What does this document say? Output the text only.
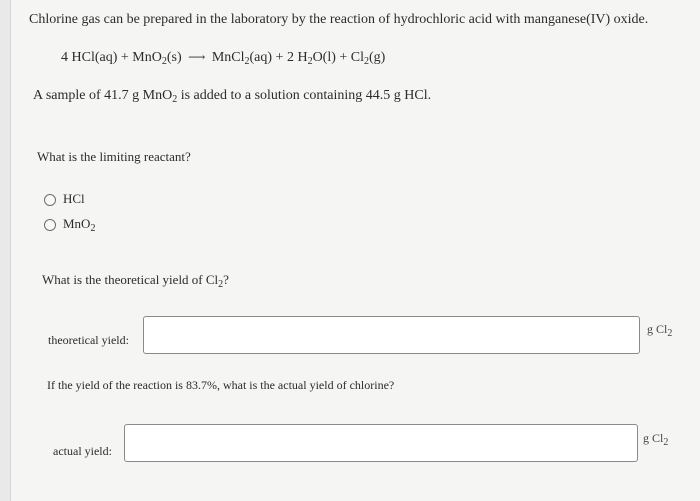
Chlorine gas can be prepared in the laboratory by the reaction of hydrochloric acid with manganese(IV) oxide.
4 HCl(aq) + MnO$_2$(s) ⟶ MnCl$_2$(aq) + 2 $H_2O(l) + Cl_2(g)$
A sample of 41.7 g MnO$_2$ is added to a solution containing 44.5 g HCl.
What is the limiting reactant?
HCl
MnO$_2$
What is the theoretical yield of $Cl_2$?
theoretical yield:
g $Cl_2$
If the yield of the reaction is 83.7%, what is the actual yield of chlorine?
actual yield:
g $Cl_2$
